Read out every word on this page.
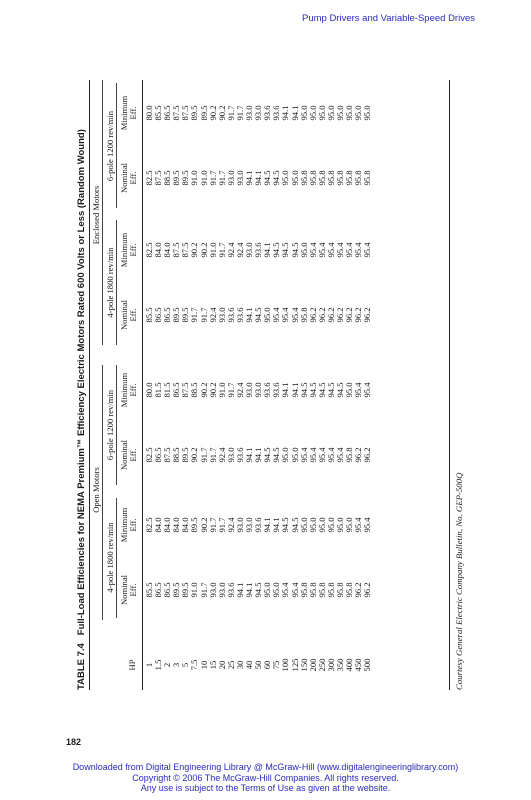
Pump Drivers and Variable-Speed Drives
TABLE 7.4Full-Load Efficiencies for NEMA Premium™ Efficiency Electric Motors Rated 600 Volts or Less (Random Wound) Open Motors
Enclosed Motors
4-pole 1800 rev/min
6-pole 1200 rev/min
4-pole 1800 rev/min
6-pole 1200 rev/min
HP
Nominal
Eff.
Minimum
Eff.
Nominal
Eff.
Minimum
Eff.
Nominal
Eff.
Minimum
Eff.
Nominal
Eff.
Minimum
Eff.
1		85.5		82.5		82.5		80.0		85.5		82.5		82.5		80.0
1.5		86.5		84.0		86.5		81.5		86.5		84.0		87.5		85.5
2		86.5		84.0		87.5		81.5		86.5		84.0		88.5		86.5
3		89.5		84.0		88.5		86.5		89.5		87.5		89.5		87.5
5		89.5		84.0		89.5		87.5		89.5		87.5		89.5		87.5
7.5		91.0		89.5		90.2		88.5		91.7		90.2		91.0		89.5
10		91.7		90.2		91.7		90.2		91.7		90.2		91.0		89.5
15		93.0		91.7		91.7		90.2		92.4		91.0		91.7		90.2
20		93.0		91.7		92.4		91.0		93.0		91.7		91.7		90.2
25		93.6		92.4		93.0		91.7		93.6		92.4		93.0		91.7
30		94.1		93.0		93.6		92.4		93.6		92.4		93.0		91.7
40		94.1		93.0		94.1		93.0		94.1		93.0		94.1		93.0
50		94.5		93.6		94.1		93.0		94.5		93.6		94.1		93.0
60		95.0		94.1		94.5		93.6		95.0		94.1		94.5		93.6
75		95.0		94.1		94.5		93.6		95.4		94.5		94.5		93.6
100		95.4		94.5		95.0		94.1		95.4		94.5		95.0		94.1
125		95.4		94.5		95.0		94.1		95.4		94.5		95.0		94.1
150		95.8		95.0		95.4		94.5		95.8		95.0		95.8		95.0
200		95.8		95.0		95.4		94.5		96.2		95.4		95.8		95.0
250		95.8		95.0		95.4		94.5		96.2		95.4		95.8		95.0
300		95.8		95.0		95.4		94.5		96.2		95.4		95.8		95.0
350		95.8		95.0		95.4		94.5		96.2		95.4		95.8		95.0
400		95.8		95.0		95.8		95.0		96.2		95.4		95.8		95.0
450		96.2		95.4		96.2		95.4		96.2		95.4		95.8		95.0
500		96.2		95.4		96.2		95.4		96.2		95.4		95.8		95.0
Courtesy General Electric Company Bulletin, No. GEP-500Q
182
Downloaded from Digital Engineering Library @ McGraw-Hill (www.digitalengineeringlibrary.com)
Copyright © 2006 The McGraw-Hill Companies. All rights reserved.
Any use is subject to the Terms of Use as given at the website.
